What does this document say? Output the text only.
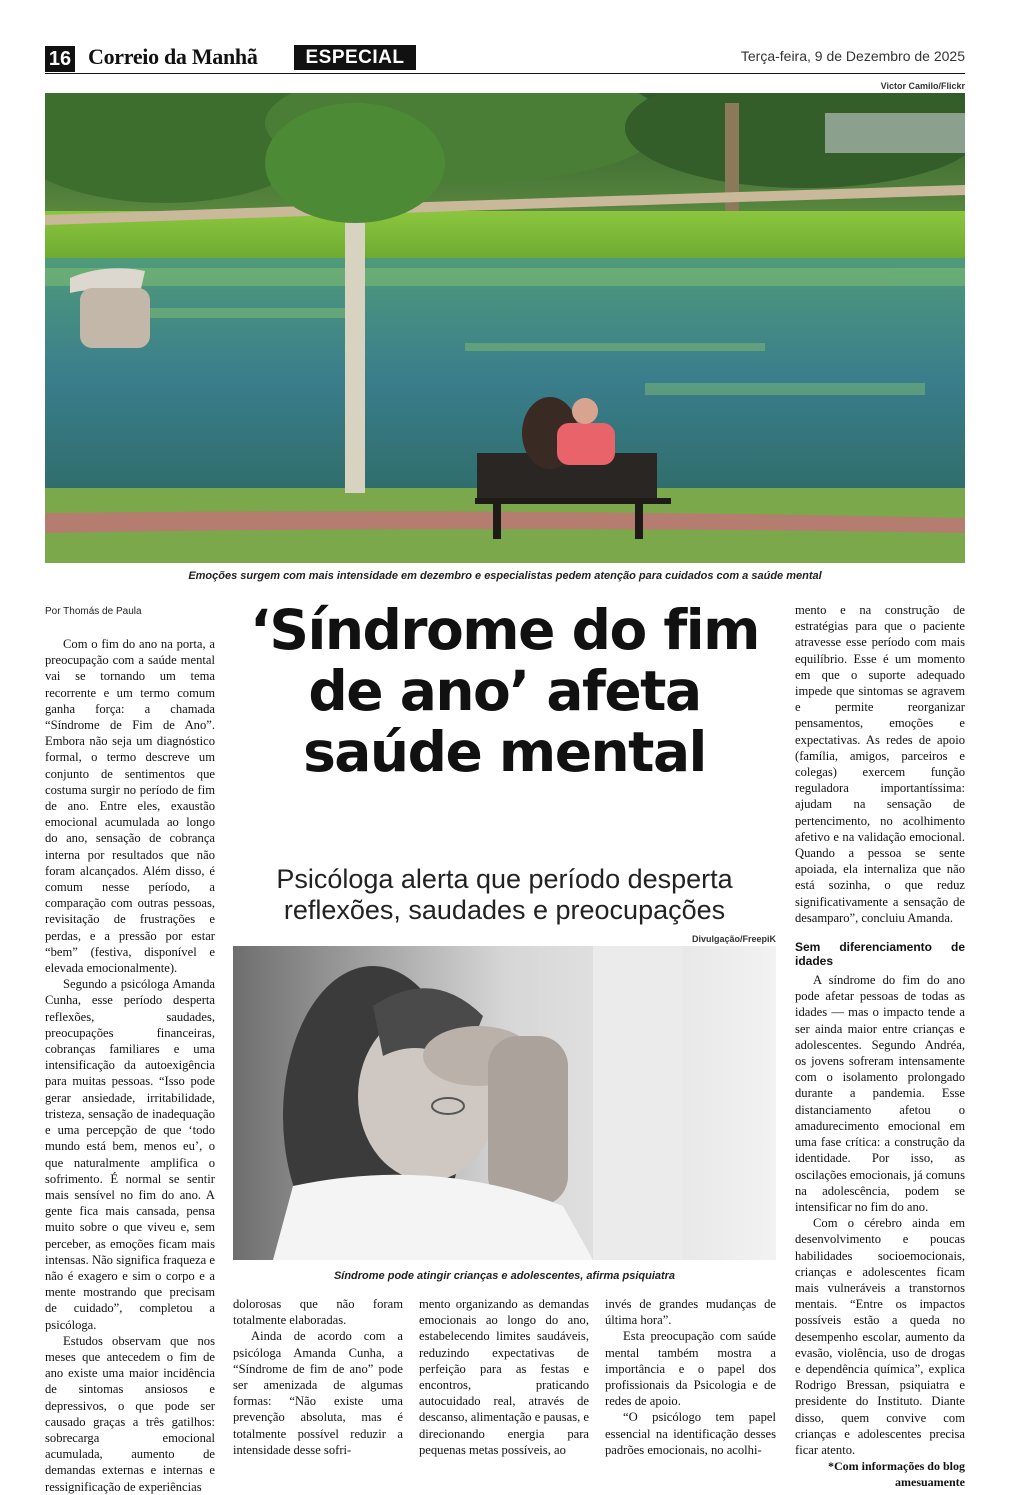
16 Correio da Manhã	ESPECIAL	Terça-feira, 9 de Dezembro de 2025
Victor Camilo/Flickr
Emoções surgem com mais intensidade em dezembro e especialistas pedem atenção para cuidados com a saúde mental
Por Thomás de Paula

Com o fim do ano na porta, a preocupação com a saúde mental vai se tornando um tema recorrente e um termo comum ganha força: a chamada “Síndrome de Fim de Ano”. Embora não seja um diagnóstico formal, o termo descreve um conjunto de sentimentos que costuma surgir no período de fim de ano. Entre eles, exaustão emocional acumulada ao longo do ano, sensação de cobrança interna por resultados que não foram alcançados. Além disso, é comum nesse período, a comparação com outras pessoas, revisitação de frustrações e perdas, e a pressão por estar “bem” (festiva, disponível e elevada emocionalmente).

Segundo a psicóloga Amanda Cunha, esse período desperta reflexões, saudades, preocupações financeiras, cobranças familiares e uma intensificação da autoexigência para muitas pessoas. “Isso pode gerar ansiedade, irritabilidade, tristeza, sensação de inadequação e uma percepção de que ‘todo mundo está bem, menos eu’, o que naturalmente amplifica o sofrimento. É normal se sentir mais sensível no fim do ano. A gente fica mais cansada, pensa muito sobre o que viveu e, sem perceber, as emoções ficam mais intensas. Não significa fraqueza e não é exagero e sim o corpo e a mente mostrando que precisam de cuidado”, completou a psicóloga.

Estudos observam que nos meses que antecedem o fim de ano existe uma maior incidência de sintomas ansiosos e depressivos, o que pode ser causado graças a três gatilhos: sobrecarga emocional acumulada, aumento de demandas externas e internas e ressignificação de experiências

‘Síndrome do fim de ano’ afeta saúde mental
Psicóloga alerta que período desperta reflexões, saudades e preocupações
Divulgação/FreepiK
Síndrome pode atingir crianças e adolescentes, afirma psiquiatra

dolorosas que não foram totalmente elaboradas.

Ainda de acordo com a psicóloga Amanda Cunha, a “Síndrome de fim de ano” pode ser amenizada de algumas formas: “Não existe uma prevenção absoluta, mas é totalmente possível reduzir a intensidade desse sofri-

mento organizando as demandas emocionais ao longo do ano, estabelecendo limites saudáveis, reduzindo expectativas de perfeição para as festas e encontros, praticando autocuidado real, através de descanso, alimentação e pausas, e direcionando energia para pequenas metas possíveis, ao

invés de grandes mudanças de última hora”.

Esta preocupação com saúde mental também mostra a importância e o papel dos profissionais da Psicologia e de redes de apoio.

“O psicólogo tem papel essencial na identificação desses padrões emocionais, no acolhi-

mento e na construção de estratégias para que o paciente atravesse esse período com mais equilíbrio. Esse é um momento em que o suporte adequado impede que sintomas se agravem e permite reorganizar pensamentos, emoções e expectativas. As redes de apoio (família, amigos, parceiros e colegas) exercem função reguladora importantíssima: ajudam na sensação de pertencimento, no acolhimento afetivo e na validação emocional. Quando a pessoa se sente apoiada, ela internaliza que não está sozinha, o que reduz significativamente a sensação de desamparo”, concluiu Amanda.

Sem diferenciamento de idades

A síndrome do fim do ano pode afetar pessoas de todas as idades — mas o impacto tende a ser ainda maior entre crianças e adolescentes. Segundo Andréa, os jovens sofreram intensamente com o isolamento prolongado durante a pandemia. Esse distanciamento afetou o amadurecimento emocional em uma fase crítica: a construção da identidade. Por isso, as oscilações emocionais, já comuns na adolescência, podem se intensificar no fim do ano.

Com o cérebro ainda em desenvolvimento e poucas habilidades socioemocionais, crianças e adolescentes ficam mais vulneráveis a transtornos mentais. “Entre os impactos possíveis estão a queda no desempenho escolar, aumento da evasão, violência, uso de drogas e dependência química”, explica Rodrigo Bressan, psiquiatra e presidente do Instituto. Diante disso, quem convive com crianças e adolescentes precisa ficar atento.

*Com informações do blog
amesuamente
